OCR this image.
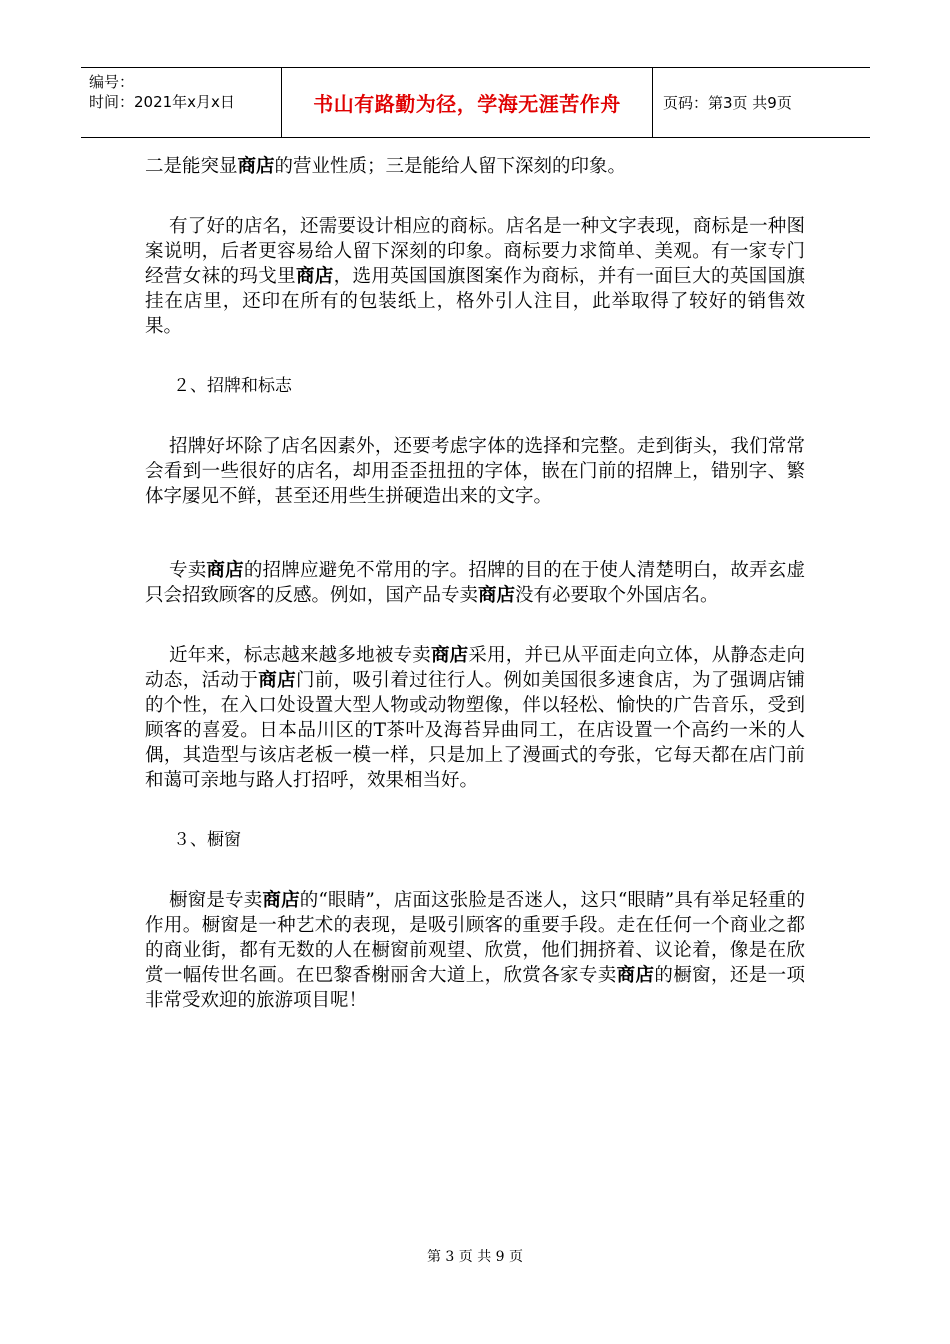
编号：
时间：2021年x月x日	书山有路勤为径，学海无涯苦作舟	页码：第3页 共9页

二是能突显商店的营业性质；三是能给人留下深刻的印象。

有了好的店名，还需要设计相应的商标。店名是一种文字表现，商标是一种图案说明，后者更容易给人留下深刻的印象。商标要力求简单、美观。有一家专门经营女袜的玛戈里商店，选用英国国旗图案作为商标，并有一面巨大的英国国旗挂在店里，还印在所有的包装纸上，格外引人注目，此举取得了较好的销售效果。

２、招牌和标志

招牌好坏除了店名因素外，还要考虑字体的选择和完整。走到街头，我们常常会看到一些很好的店名，却用歪歪扭扭的字体，嵌在门前的招牌上，错别字、繁体字屡见不鲜，甚至还用些生拼硬造出来的文字。

专卖商店的招牌应避免不常用的字。招牌的目的在于使人清楚明白，故弄玄虚只会招致顾客的反感。例如，国产品专卖商店没有必要取个外国店名。

近年来，标志越来越多地被专卖商店采用，并已从平面走向立体，从静态走向动态，活动于商店门前，吸引着过往行人。例如美国很多速食店，为了强调店铺的个性，在入口处设置大型人物或动物塑像，伴以轻松、愉快的广告音乐，受到顾客的喜爱。日本品川区的T茶叶及海苔异曲同工，在店设置一个高约一米的人偶，其造型与该店老板一模一样，只是加上了漫画式的夸张，它每天都在店门前和蔼可亲地与路人打招呼，效果相当好。

３、橱窗

橱窗是专卖商店的“眼睛”，店面这张脸是否迷人，这只“眼睛”具有举足轻重的作用。橱窗是一种艺术的表现，是吸引顾客的重要手段。走在任何一个商业之都的商业街，都有无数的人在橱窗前观望、欣赏，他们拥挤着、议论着，像是在欣赏一幅传世名画。在巴黎香榭丽舍大道上，欣赏各家专卖商店的橱窗，还是一项非常受欢迎的旅游项目呢！

第 3 页 共 9 页
